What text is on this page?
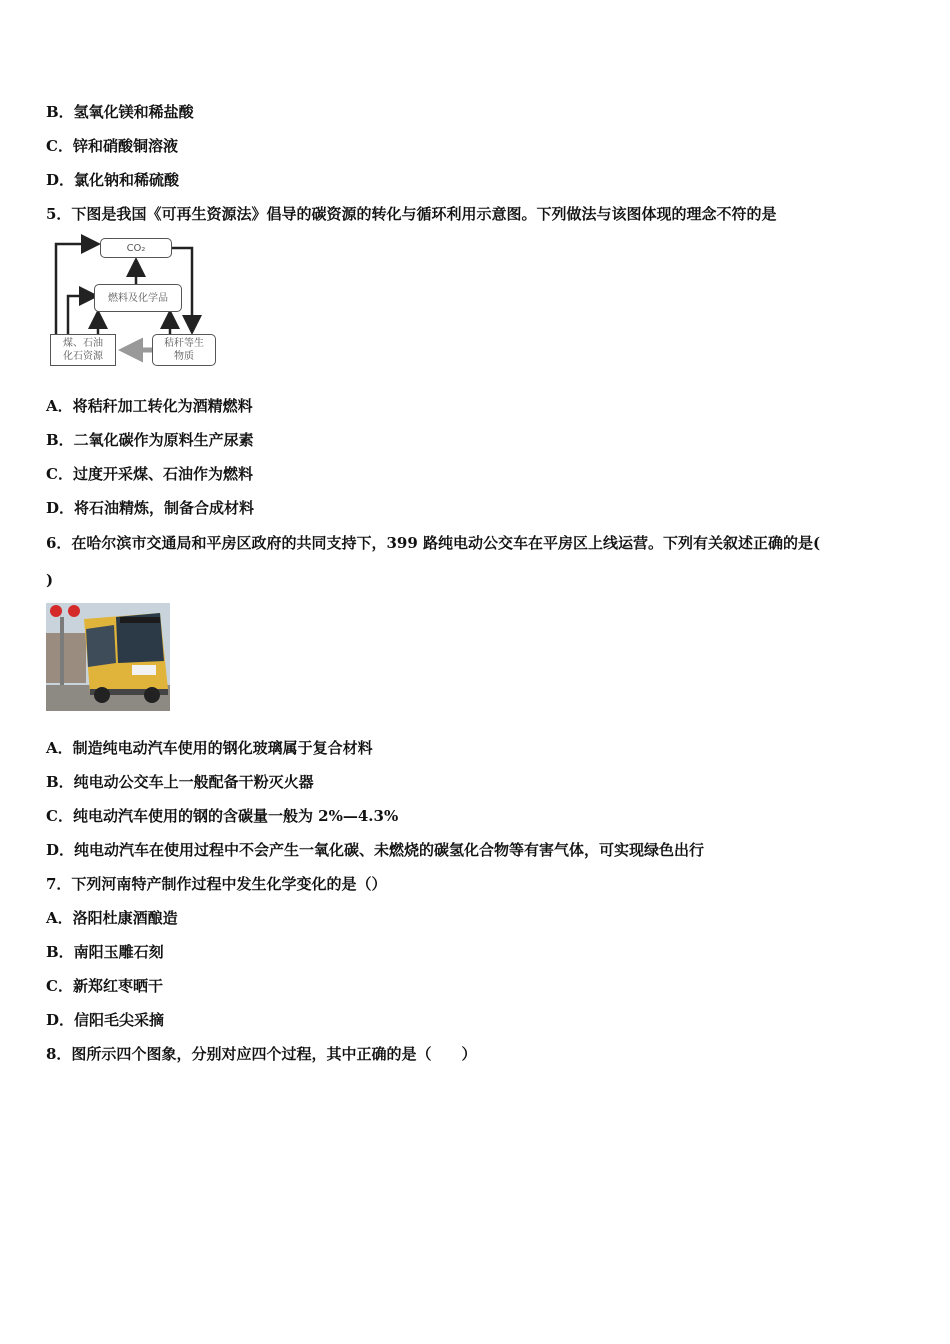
B．氢氧化镁和稀盐酸
C．锌和硝酸铜溶液
D．氯化钠和稀硫酸
5．下图是我国《可再生资源法》倡导的碳资源的转化与循环利用示意图。下列做法与该图体现的理念不符的是
CO₂
燃料及化学品
煤、石油
化石资源
秸秆等生
物质
A．将秸秆加工转化为酒精燃料
B．二氧化碳作为原料生产尿素
C．过度开采煤、石油作为燃料
D．将石油精炼，制备合成材料
6．在哈尔滨市交通局和平房区政府的共同支持下，399 路纯电动公交车在平房区上线运营。下列有关叙述正确的是(
)
A．制造纯电动汽车使用的钢化玻璃属于复合材料
B．纯电动公交车上一般配备干粉灭火器
C．纯电动汽车使用的钢的含碳量一般为 2%—4.3%
D．纯电动汽车在使用过程中不会产生一氧化碳、未燃烧的碳氢化合物等有害气体，可实现绿色出行
7．下列河南特产制作过程中发生化学变化的是（）
A．洛阳杜康酒酿造
B．南阳玉雕石刻
C．新郑红枣晒干
D．信阳毛尖采摘
8．图所示四个图象，分别对应四个过程，其中正确的是（　　）
